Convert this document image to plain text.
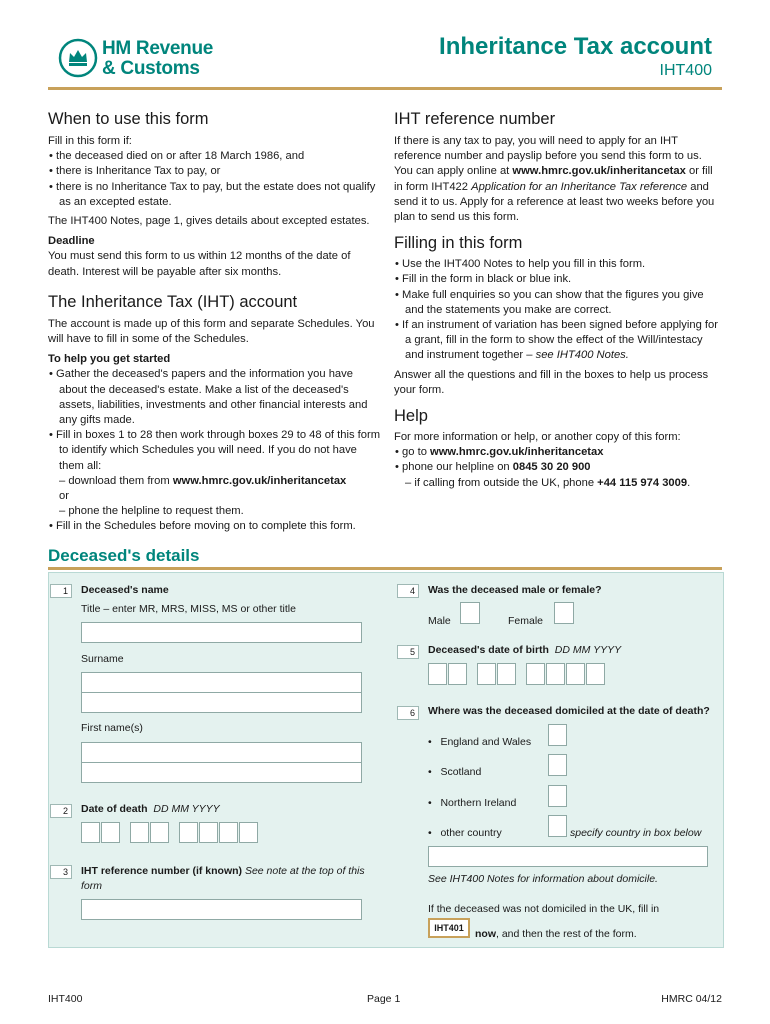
HM Revenue
& Customs
Inheritance Tax account
IHT400
When to use this form

Fill in this form if:

• the deceased died on or after 18 March 1986, and

• there is Inheritance Tax to pay, or

• there is no Inheritance Tax to pay, but the estate does not qualify as an excepted estate.

The IHT400 Notes, page 1, gives details about excepted estates.

Deadline

You must send this form to us within 12 months of the date of death. Interest will be payable after six months.

The Inheritance Tax (IHT) account

The account is made up of this form and separate Schedules. You will have to fill in some of the Schedules.

To help you get started

• Gather the deceased's papers and the information you have about the deceased's estate. Make a list of the deceased's assets, liabilities, investments and other financial interests and any gifts made.

• Fill in boxes 1 to 28 then work through boxes 29 to 48 of this form to identify which Schedules you will need. If you do not have them all:

– download them from www.hmrc.gov.uk/inheritancetax

or

– phone the helpline to request them.

• Fill in the Schedules before moving on to complete this form.

IHT reference number

If there is any tax to pay, you will need to apply for an IHT reference number and payslip before you send this form to us. You can apply online at www.hmrc.gov.uk/inheritancetax or fill in form IHT422 Application for an Inheritance Tax reference and send it to us. Apply for a reference at least two weeks before you plan to send us this form.

Filling in this form

• Use the IHT400 Notes to help you fill in this form.

• Fill in the form in black or blue ink.

• Make full enquiries so you can show that the figures you give and the statements you make are correct.

• If an instrument of variation has been signed before applying for a grant, fill in the form to show the effect of the Will/intestacy and instrument together – see IHT400 Notes.

Answer all the questions and fill in the boxes to help us process your form.

Help

For more information or help, or another copy of this form:

• go to www.hmrc.gov.uk/inheritancetax

• phone our helpline on 0845 30 20 900

– if calling from outside the UK, phone +44 115 974 3009.

Deceased's details
1	Deceased's name
Title – enter MR, MRS, MISS, MS or other title
Surname
First name(s)
2	Date of death DD MM YYYY
3	IHT reference number (if known) See note at the top of this form
4	Was the deceased male or female?
Male	Female
5	Deceased's date of birth DD MM YYYY
6	Where was the deceased domiciled at the date of death?
•   England and Wales
•   Scotland
•   Northern Ireland
•   other country	specify country in box below
See IHT400 Notes for information about domicile.
If the deceased was not domiciled in the UK, fill in
IHT401	now, and then the rest of the form.
IHT400	Page 1	HMRC 04/12
